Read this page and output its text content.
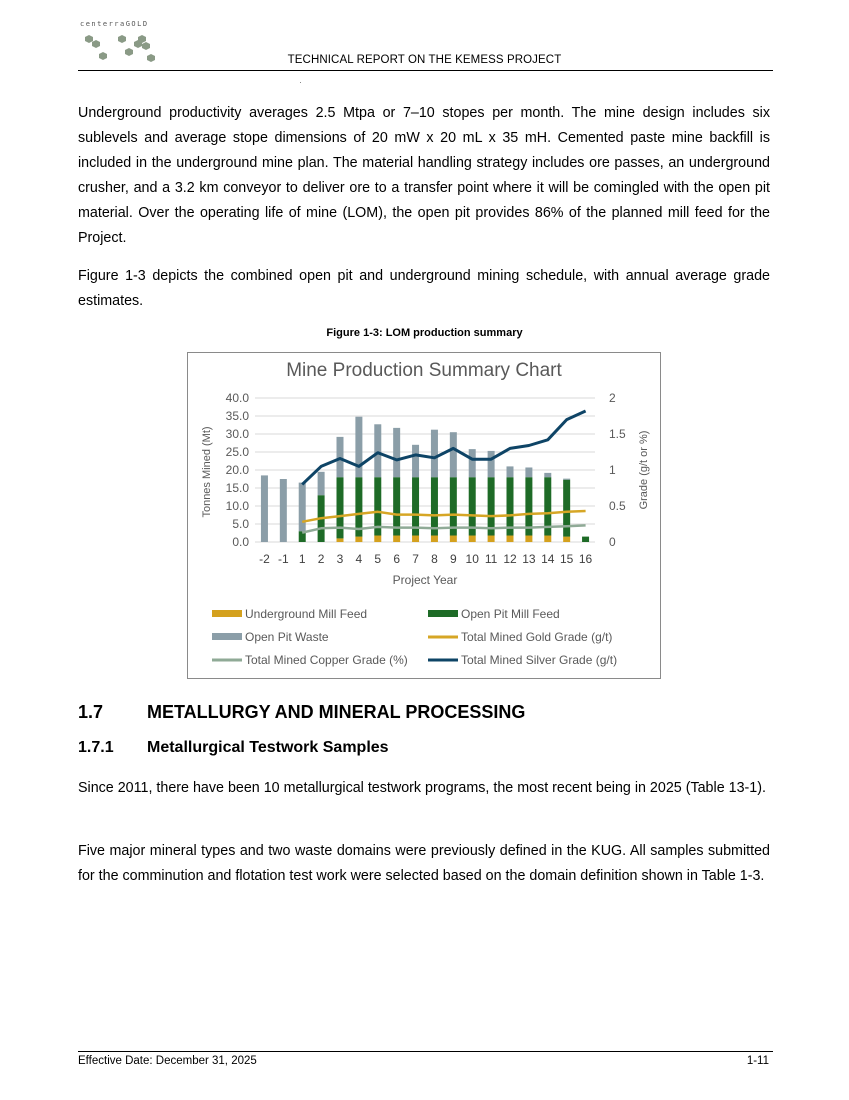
centerraGOLD
TECHNICAL REPORT ON THE KEMESS PROJECT

Underground productivity averages 2.5 Mtpa or 7–10 stopes per month. The mine design includes six sublevels and average stope dimensions of 20 mW x 20 mL x 35 mH. Cemented paste mine backfill is included in the underground mine plan. The material handling strategy includes ore passes, an underground crusher, and a 3.2 km conveyor to deliver ore to a transfer point where it will be comingled with the open pit material. Over the operating life of mine (LOM), the open pit provides 86% of the planned mill feed for the Project.

Figure 1-3 depicts the combined open pit and underground mining schedule, with annual average grade estimates.

Figure 1-3: LOM production summary
Mine Production Summary Chart
0.0
5.0
10.0
15.0
20.0
25.0
30.0
35.0
40.0
0
0.5
1
1.5
2
Tonnes Mined (Mt)	Grade (g/t or %)
Project Year
-2 -1 1 2 3 4 5 6 7 8 9 10 11 12 13 14 15 16
Underground Mill Feed	Open Pit Mill Feed
Open Pit Waste	Total Mined Gold Grade (g/t)
Total Mined Copper Grade (%)	Total Mined Silver Grade (g/t)
1.7 METALLURGY AND MINERAL PROCESSING
1.7.1 Metallurgical Testwork Samples

Since 2011, there have been 10 metallurgical testwork programs, the most recent being in 2025 (Table 13-1).

Five major mineral types and two waste domains were previously defined in the KUG. All samples submitted for the comminution and flotation test work were selected based on the domain definition shown in Table 1-3.

Effective Date: December 31, 2025	1-11
